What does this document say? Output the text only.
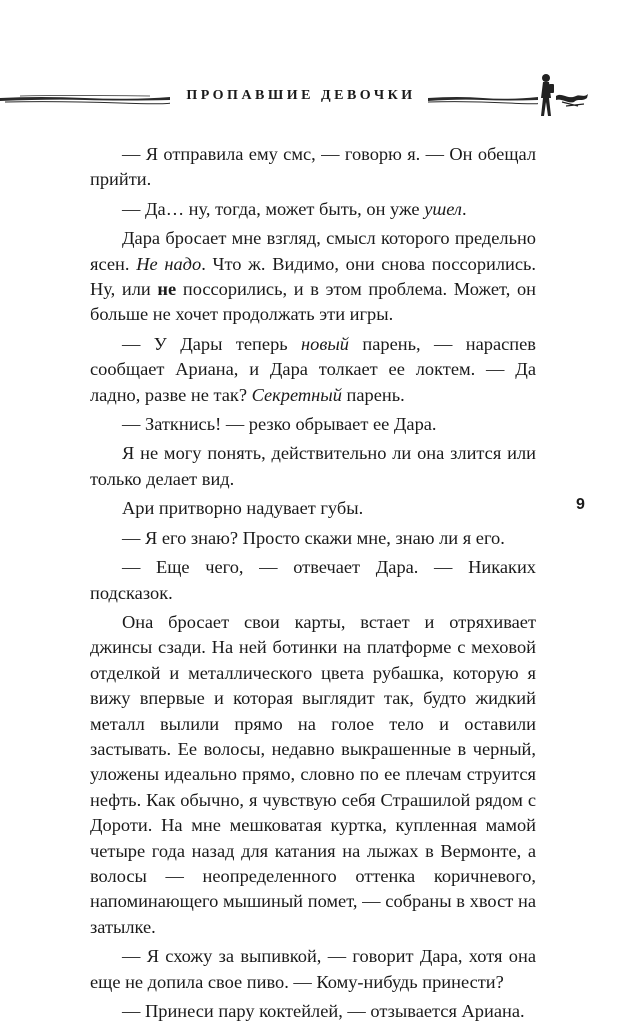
ПРОПАВШИЕ ДЕВОЧКИ
9

— Я отправила ему смс, — говорю я. — Он обещал прийти.

— Да… ну, тогда, может быть, он уже ушел.

Дара бросает мне взгляд, смысл которого предельно ясен. Не надо. Что ж. Видимо, они снова поссорились. Ну, или не поссорились, и в этом проблема. Может, он больше не хочет продолжать эти игры.

— У Дары теперь новый парень, — нараспев сообщает Ариана, и Дара толкает ее локтем. — Да ладно, разве не так? Секретный парень.

— Заткнись! — резко обрывает ее Дара.

Я не могу понять, действительно ли она злится или только делает вид.

Ари притворно надувает губы.

— Я его знаю? Просто скажи мне, знаю ли я его.

— Еще чего, — отвечает Дара. — Никаких подсказок.

Она бросает свои карты, встает и отряхивает джинсы сзади. На ней ботинки на платформе с меховой отделкой и металлического цвета рубашка, которую я вижу впервые и которая выглядит так, будто жидкий металл вылили прямо на голое тело и оставили застывать. Ее волосы, недавно выкрашенные в черный, уложены идеально прямо, словно по ее плечам струится нефть. Как обычно, я чувствую себя Страшилой рядом с Дороти. На мне мешковатая куртка, купленная мамой четыре года назад для катания на лыжах в Вермонте, а волосы — неопределенного оттенка коричневого, напоминающего мышиный помет, — собраны в хвост на затылке.

— Я схожу за выпивкой, — говорит Дара, хотя она еще не допила свое пиво. — Кому-нибудь принести?

— Принеси пару коктейлей, — отзывается Ариана.
